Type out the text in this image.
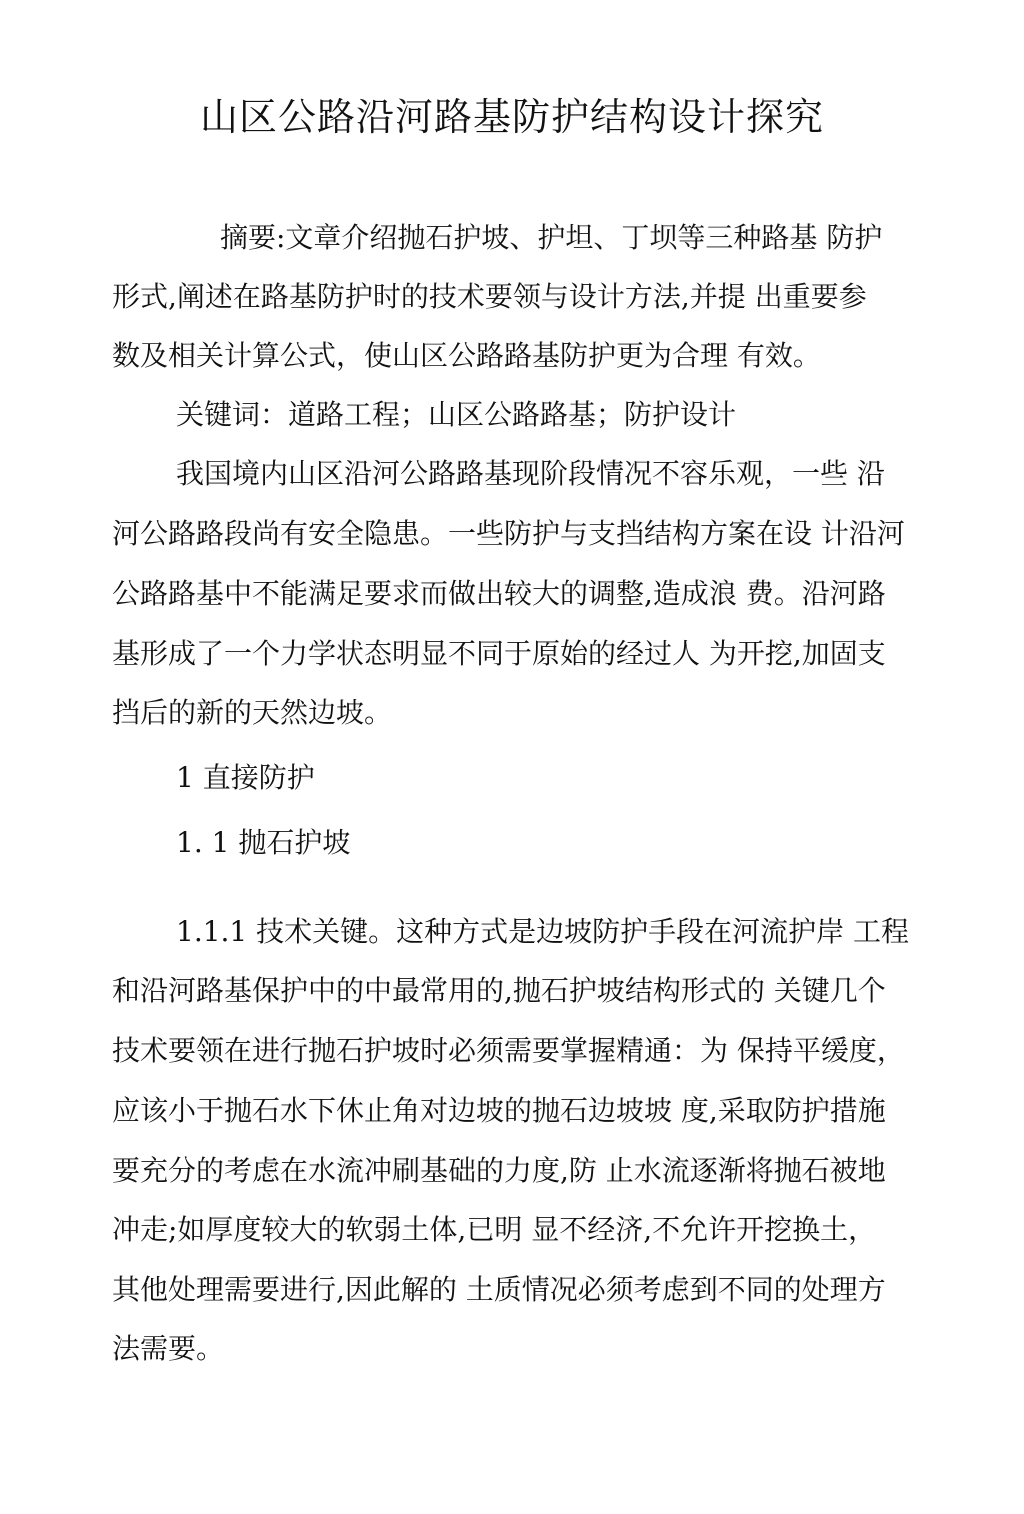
山区公路沿河路基防护结构设计探究
摘要:文章介绍抛石护坡、护坦、丁坝等三种路基 防护
形式,阐述在路基防护时的技术要领与设计方法,并提 出重要参
数及相关计算公式，使山区公路路基防护更为合理 有效。
关键词：道路工程；山区公路路基；防护设计
我国境内山区沿河公路路基现阶段情况不容乐观，一些 沿
河公路路段尚有安全隐患。一些防护与支挡结构方案在设 计沿河
公路路基中不能满足要求而做出较大的调整,造成浪 费。沿河路
基形成了一个力学状态明显不同于原始的经过人 为开挖,加固支
挡后的新的天然边坡。
1 直接防护
1. 1 抛石护坡
1.1.1 技术关键。这种方式是边坡防护手段在河流护岸 工程
和沿河路基保护中的中最常用的,抛石护坡结构形式的 关键几个
技术要领在进行抛石护坡时必须需要掌握精通：为 保持平缓度，
应该小于抛石水下休止角对边坡的抛石边坡坡 度,采取防护措施
要充分的考虑在水流冲刷基础的力度,防 止水流逐渐将抛石被地
冲走;如厚度较大的软弱土体,已明 显不经济,不允许开挖换土，
其他处理需要进行,因此解的 土质情况必须考虑到不同的处理方
法需要。
